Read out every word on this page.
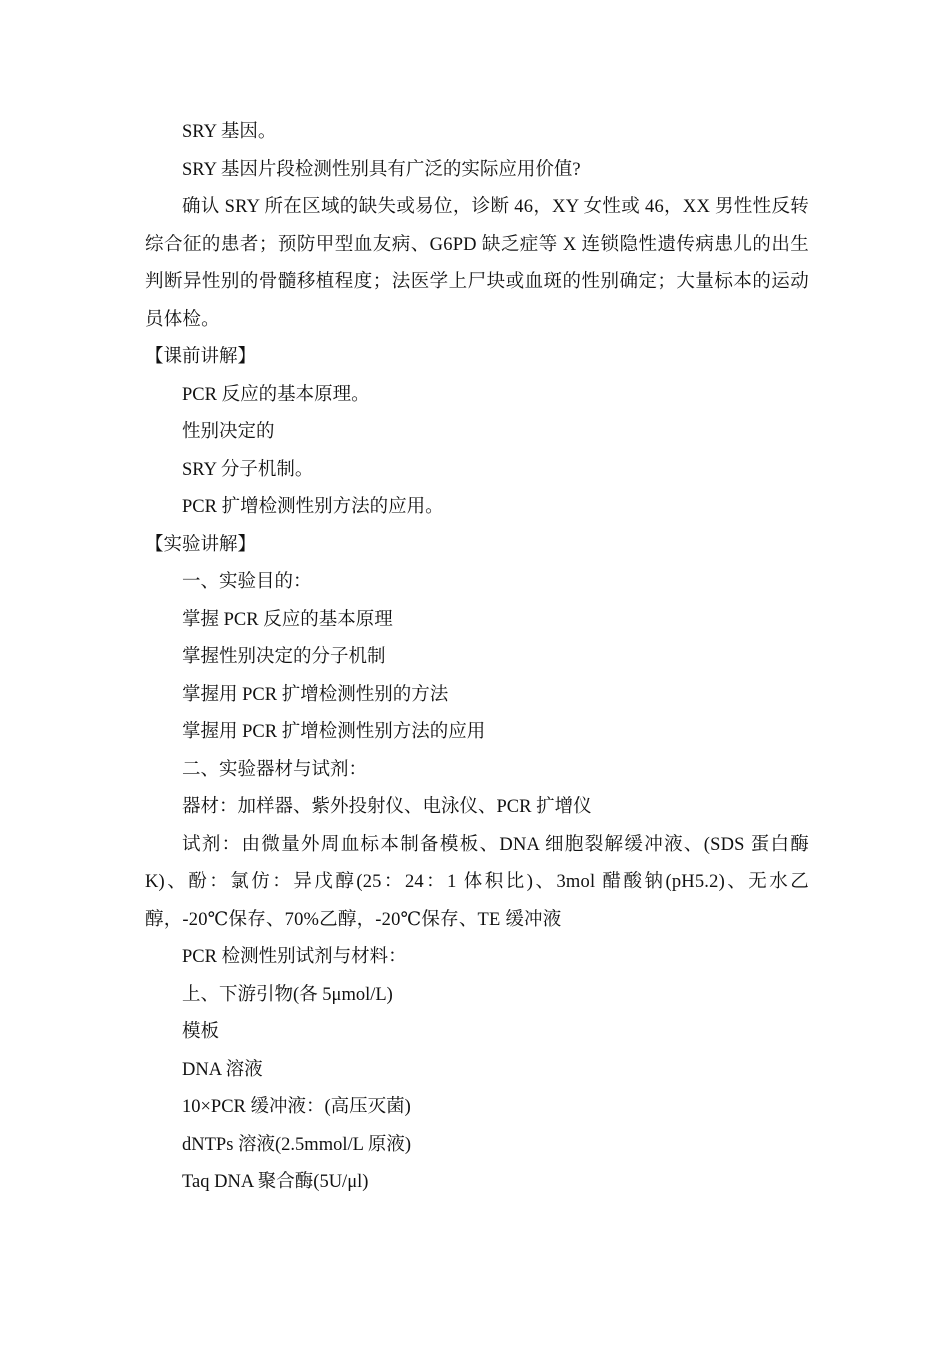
SRY 基因。

SRY 基因片段检测性别具有广泛的实际应用价值?

确认 SRY 所在区域的缺失或易位，诊断 46，XY 女性或 46，XX 男性性反转综合征的患者；预防甲型血友病、G6PD 缺乏症等 X 连锁隐性遗传病患儿的出生判断异性别的骨髓移植程度；法医学上尸块或血斑的性别确定；大量标本的运动员体检。

【课前讲解】

PCR 反应的基本原理。

性别决定的

SRY 分子机制。

PCR 扩增检测性别方法的应用。

【实验讲解】

一、实验目的：

掌握 PCR 反应的基本原理

掌握性别决定的分子机制

掌握用 PCR 扩增检测性别的方法

掌握用 PCR 扩增检测性别方法的应用

二、实验器材与试剂：

器材：加样器、紫外投射仪、电泳仪、PCR 扩增仪

试剂：由微量外周血标本制备模板、DNA 细胞裂解缓冲液、(SDS 蛋白酶 K)、酚：氯仿：异戊醇(25：24：1 体积比)、3mol 醋酸钠(pH5.2)、无水乙醇，-20℃保存、70%乙醇，-20℃保存、TE 缓冲液

PCR 检测性别试剂与材料：

上、下游引物(各 5μmol/L)

模板

DNA 溶液

10×PCR 缓冲液：(高压灭菌)

dNTPs 溶液(2.5mmol/L 原液)

Taq DNA 聚合酶(5U/μl)
